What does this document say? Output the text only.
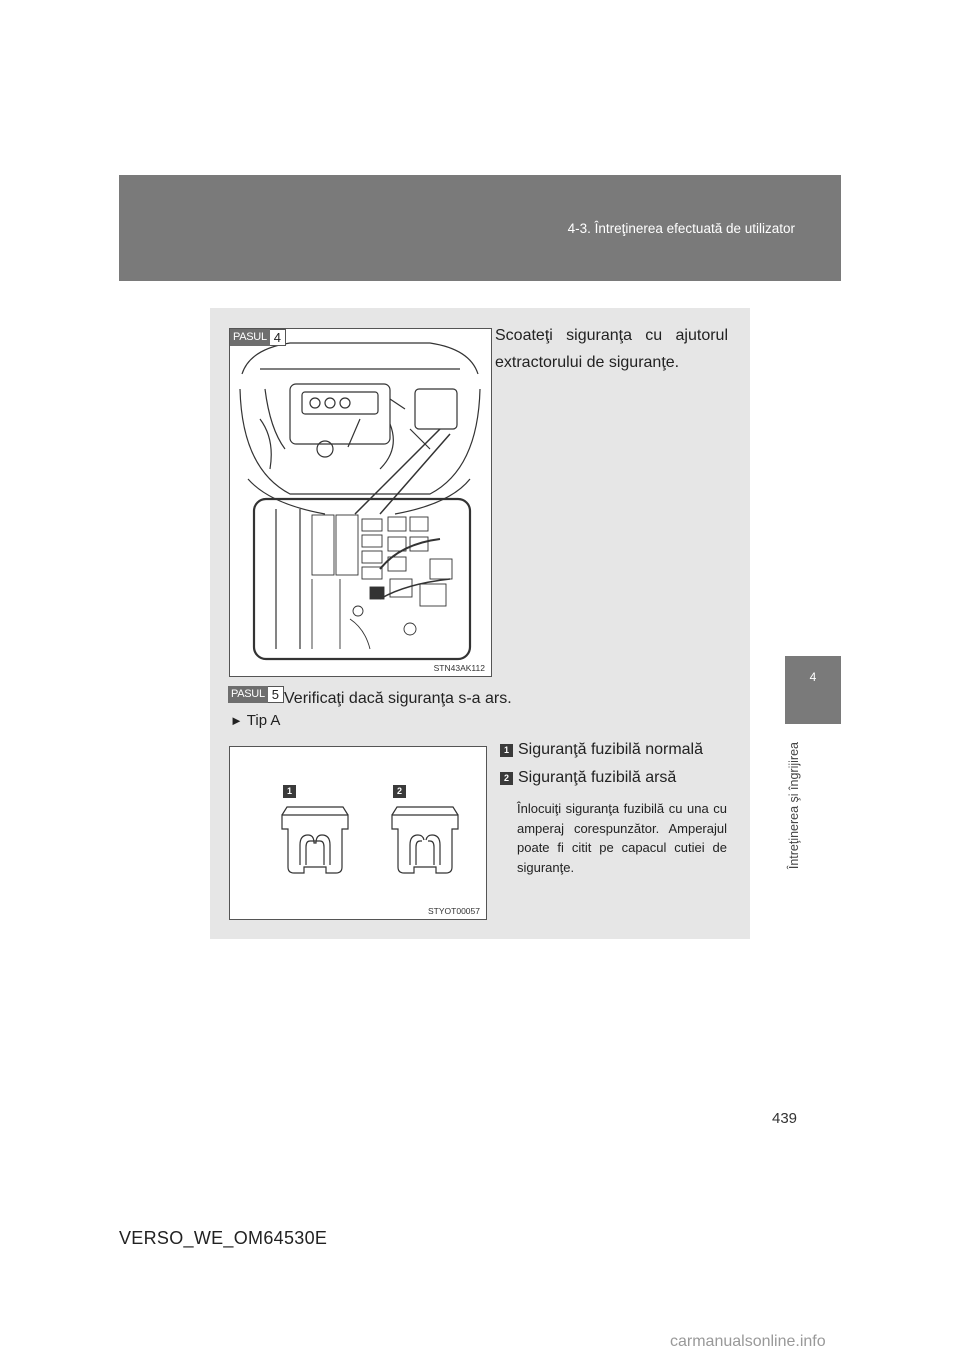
4-3. Întreţinerea efectuată de utilizator
4
Întreţinerea şi îngrijirea
STN43AK112
PASUL 4	Scoateţi siguranţa cu ajutorul extractorului de siguranţe.
PASUL 5 Verificaţi dacă siguranţa s-a ars.
► Tip A
1	2
STYOT00057
1 Siguranţă fuzibilă normală
2 Siguranţă fuzibilă arsă
Înlocuiţi siguranţa fuzibilă cu una cu amperaj corespunzător. Amperajul poate fi citit pe capacul cutiei de siguranţe.
439
VERSO_WE_OM64530E
carmanualsonline.info
